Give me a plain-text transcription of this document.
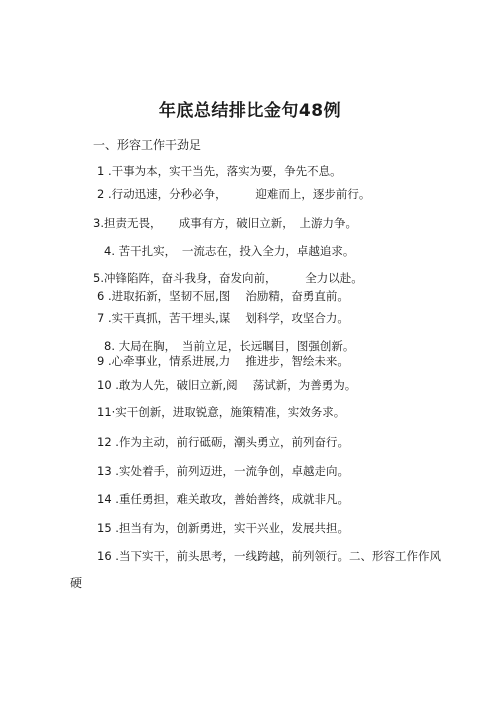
年底总结排比金句48例
一、形容工作干劲足
1 .干事为本，实干当先，落实为要，争先不息。
2 .行动迅速，分秒必争，　　　迎难而上，逐步前行。
3.担责无畏，　　成事有方，破旧立新，　上游力争。
4. 苦干扎实，　一流志在，投入全力，卓越追求。
5.冲锋陷阵，奋斗我身，奋发向前，　　　全力以赴。
6 .进取拓新，坚韧不屈,图　 治励精，奋勇直前。
7 .实干真抓，苦干埋头,谋　 划科学，攻坚合力。
8. 大局在胸，　当前立足，长远瞩目，图强创新。
9 .心牵事业，情系进展,力　 推进步，智绘未来。
10 .敢为人先，破旧立新,阅　 荡试新，为善勇为。
11·实干创新，进取锐意，施策精准，实效务求。
12 .作为主动，前行砥砺，潮头勇立，前列奋行。
13 .实处着手，前列迈进，一流争创，卓越走向。
14 .重任勇担，难关敢攻，善始善终，成就非凡。
15 .担当有为，创新勇进，实干兴业，发展共担。
16 .当下实干，前头思考，一线跨越，前列领行。二、形容工作作风
硬
